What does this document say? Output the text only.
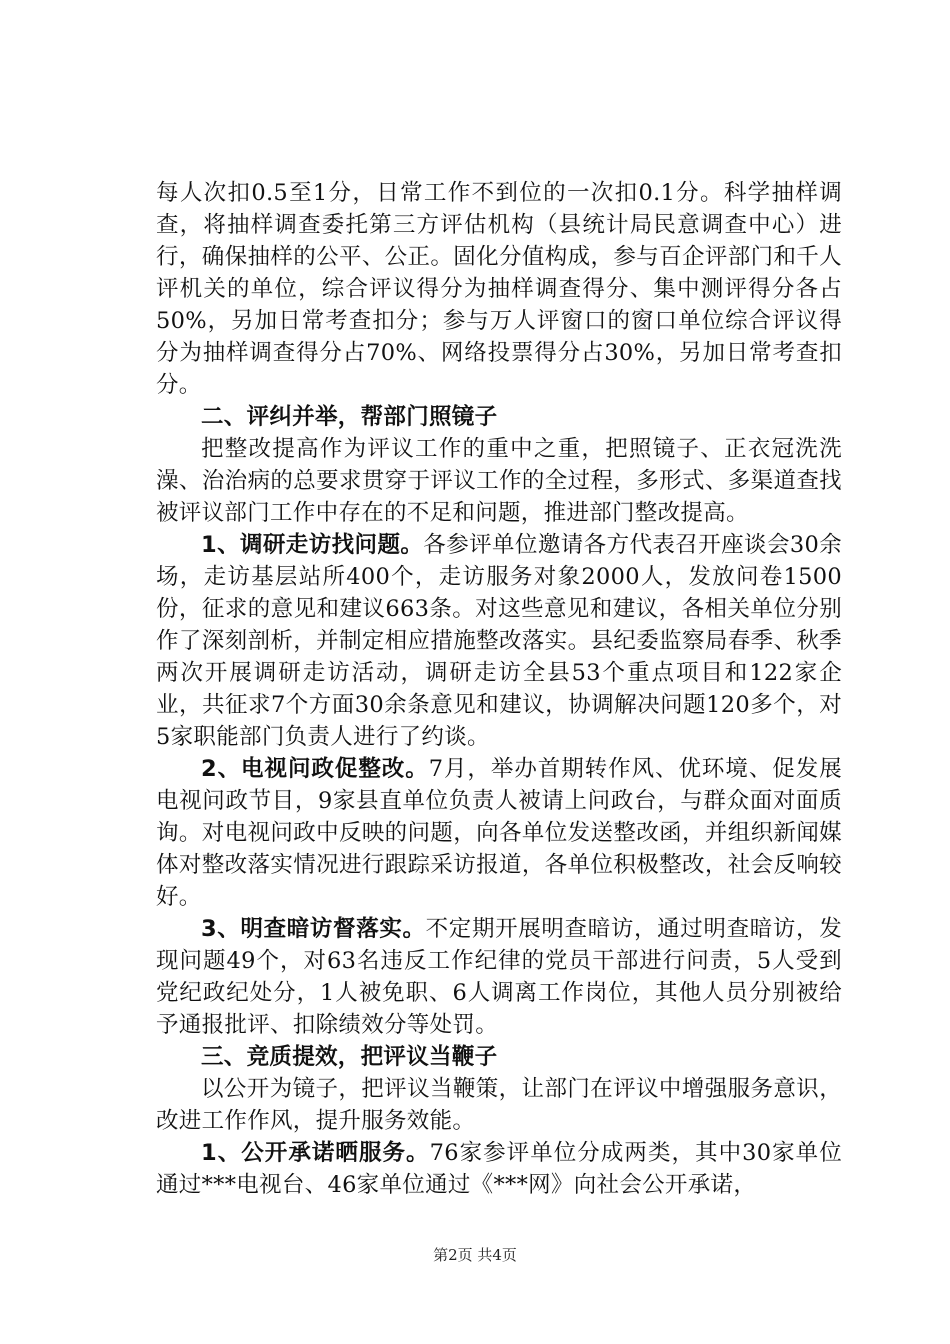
每人次扣0.5至1分，日常工作不到位的一次扣0.1分。科学抽样调查，将抽样调查委托第三方评估机构（县统计局民意调查中心）进行，确保抽样的公平、公正。固化分值构成，参与百企评部门和千人评机关的单位，综合评议得分为抽样调查得分、集中测评得分各占50%，另加日常考查扣分；参与万人评窗口的窗口单位综合评议得分为抽样调查得分占70%、网络投票得分占30%，另加日常考查扣分。

二、评纠并举，帮部门照镜子

把整改提高作为评议工作的重中之重，把照镜子、正衣冠洗洗澡、治治病的总要求贯穿于评议工作的全过程，多形式、多渠道查找被评议部门工作中存在的不足和问题，推进部门整改提高。

1、调研走访找问题。各参评单位邀请各方代表召开座谈会30余场，走访基层站所400个，走访服务对象2000人，发放问卷1500份，征求的意见和建议663条。对这些意见和建议，各相关单位分别作了深刻剖析，并制定相应措施整改落实。县纪委监察局春季、秋季两次开展调研走访活动，调研走访全县53个重点项目和122家企业，共征求7个方面30余条意见和建议，协调解决问题120多个，对5家职能部门负责人进行了约谈。

2、电视问政促整改。7月，举办首期转作风、优环境、促发展电视问政节目，9家县直单位负责人被请上问政台，与群众面对面质询。对电视问政中反映的问题，向各单位发送整改函，并组织新闻媒体对整改落实情况进行跟踪采访报道，各单位积极整改，社会反响较好。

3、明查暗访督落实。不定期开展明查暗访，通过明查暗访，发现问题49个，对63名违反工作纪律的党员干部进行问责，5人受到党纪政纪处分，1人被免职、6人调离工作岗位，其他人员分别被给予通报批评、扣除绩效分等处罚。

三、竞质提效，把评议当鞭子

以公开为镜子，把评议当鞭策，让部门在评议中增强服务意识，改进工作作风，提升服务效能。

1、公开承诺晒服务。76家参评单位分成两类，其中30家单位通过***电视台、46家单位通过《***网》向社会公开承诺，

第2页 共4页
